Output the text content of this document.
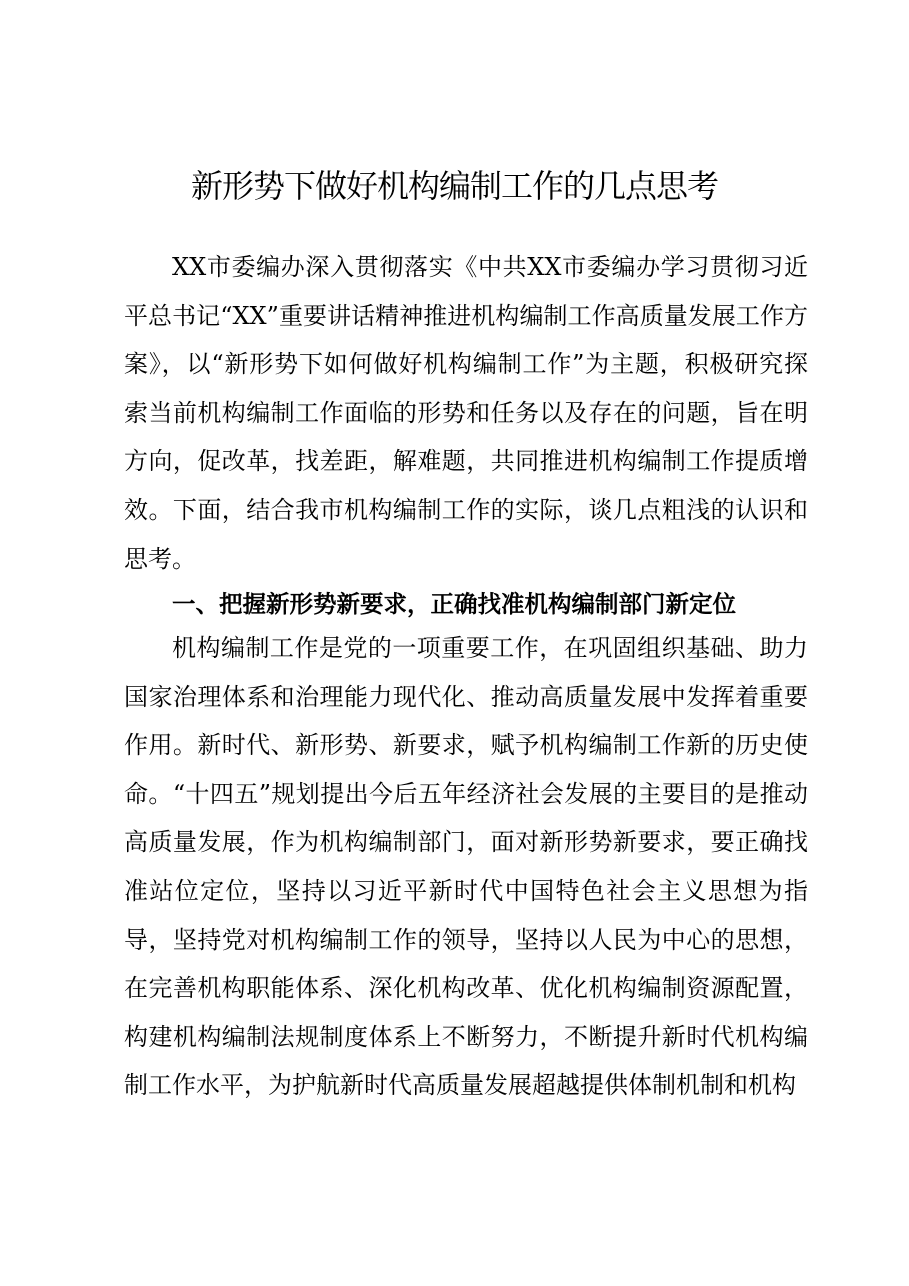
新形势下做好机构编制工作的几点思考

XX市委编办深入贯彻落实《中共XX市委编办学习贯彻习近平总书记“XX”重要讲话精神推进机构编制工作高质量发展工作方案》，以“新形势下如何做好机构编制工作”为主题，积极研究探索当前机构编制工作面临的形势和任务以及存在的问题，旨在明方向，促改革，找差距，解难题，共同推进机构编制工作提质增效。下面，结合我市机构编制工作的实际，谈几点粗浅的认识和思考。

一、把握新形势新要求，正确找准机构编制部门新定位

机构编制工作是党的一项重要工作，在巩固组织基础、助力国家治理体系和治理能力现代化、推动高质量发展中发挥着重要作用。新时代、新形势、新要求，赋予机构编制工作新的历史使命。“十四五”规划提出今后五年经济社会发展的主要目的是推动高质量发展，作为机构编制部门，面对新形势新要求，要正确找准站位定位，坚持以习近平新时代中国特色社会主义思想为指导，坚持党对机构编制工作的领导，坚持以人民为中心的思想，在完善机构职能体系、深化机构改革、优化机构编制资源配置，构建机构编制法规制度体系上不断努力，不断提升新时代机构编制工作水平，为护航新时代高质量发展超越提供体制机制和机构
